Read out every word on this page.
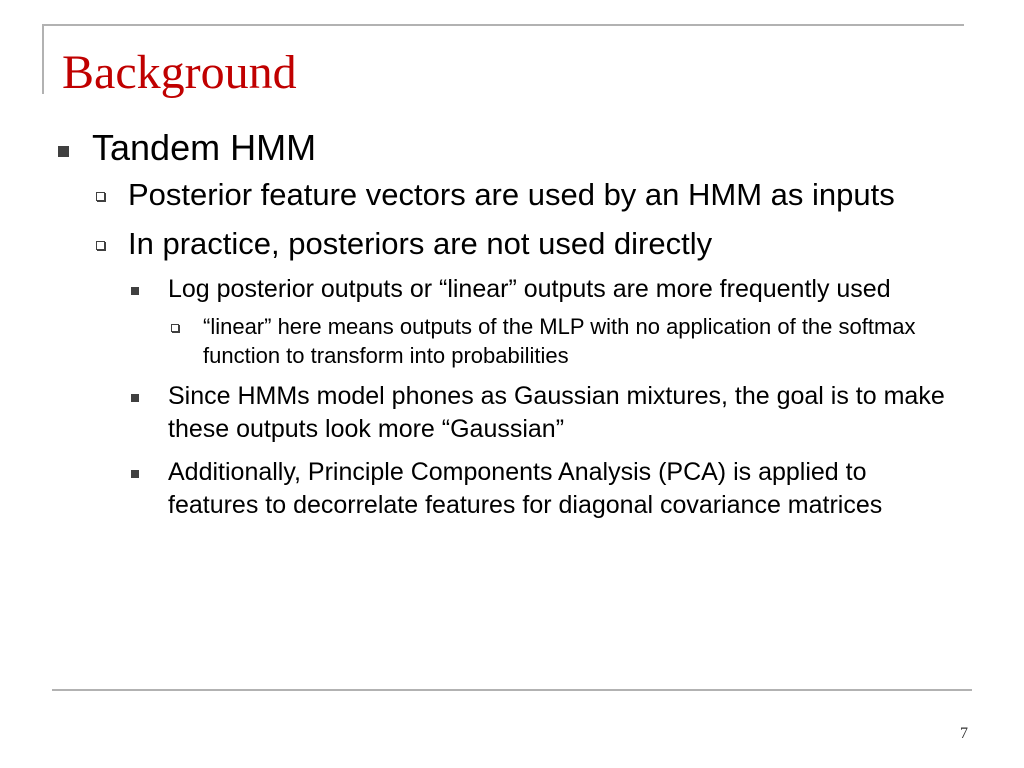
Background
Tandem HMM
Posterior feature vectors are used by an HMM as inputs
In practice, posteriors are not used directly
Log posterior outputs or “linear” outputs are more frequently used
“linear” here means outputs of the MLP with no application of the softmax function to transform into probabilities
Since HMMs model phones as Gaussian mixtures, the goal is to make these outputs look more “Gaussian”
Additionally, Principle Components Analysis (PCA) is applied to features to decorrelate features for diagonal covariance matrices
7
